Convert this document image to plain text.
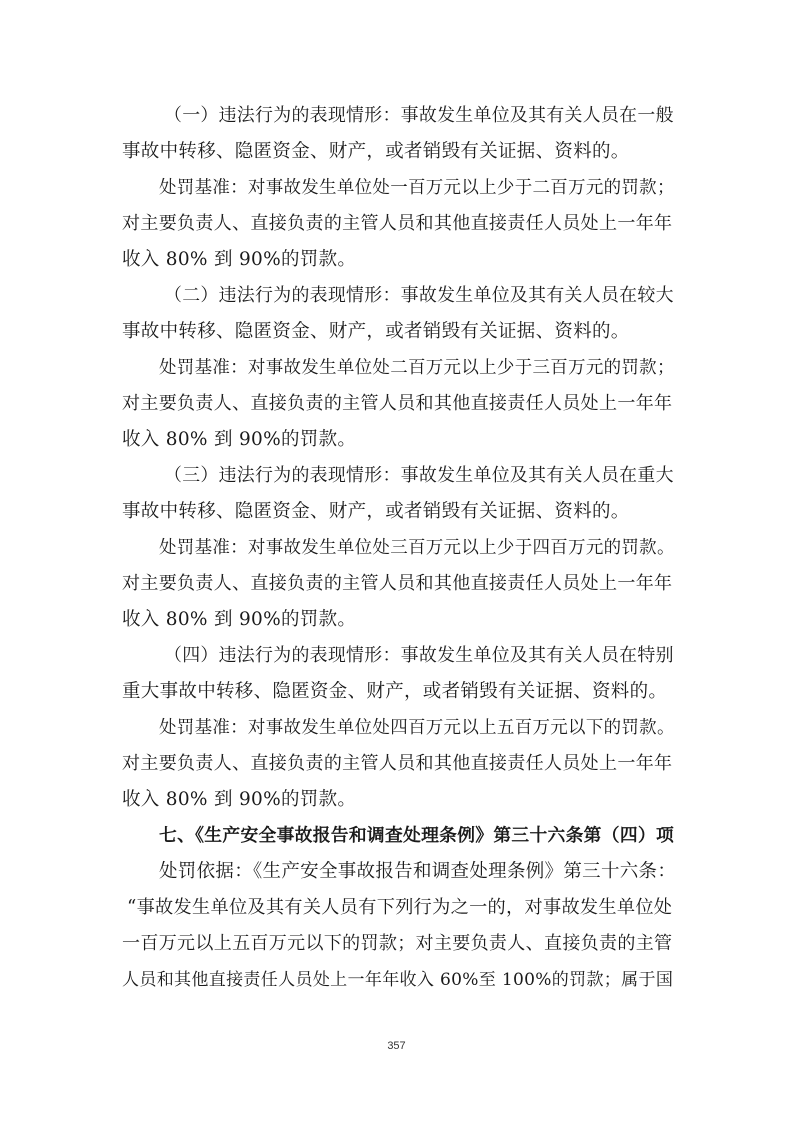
（一）违法行为的表现情形：事故发生单位及其有关人员在一般
事故中转移、隐匿资金、财产，或者销毁有关证据、资料的。
处罚基准：对事故发生单位处一百万元以上少于二百万元的罚款；
对主要负责人、直接负责的主管人员和其他直接责任人员处上一年年
收入 80% 到 90%的罚款。
（二）违法行为的表现情形：事故发生单位及其有关人员在较大
事故中转移、隐匿资金、财产，或者销毁有关证据、资料的。
处罚基准：对事故发生单位处二百万元以上少于三百万元的罚款；
对主要负责人、直接负责的主管人员和其他直接责任人员处上一年年
收入 80% 到 90%的罚款。
（三）违法行为的表现情形：事故发生单位及其有关人员在重大
事故中转移、隐匿资金、财产，或者销毁有关证据、资料的。
处罚基准：对事故发生单位处三百万元以上少于四百万元的罚款。
对主要负责人、直接负责的主管人员和其他直接责任人员处上一年年
收入 80% 到 90%的罚款。
（四）违法行为的表现情形：事故发生单位及其有关人员在特别
重大事故中转移、隐匿资金、财产，或者销毁有关证据、资料的。
处罚基准：对事故发生单位处四百万元以上五百万元以下的罚款。
对主要负责人、直接负责的主管人员和其他直接责任人员处上一年年
收入 80% 到 90%的罚款。
七、《生产安全事故报告和调查处理条例》第三十六条第（四）项
处罚依据：《生产安全事故报告和调查处理条例》第三十六条：
“事故发生单位及其有关人员有下列行为之一的，对事故发生单位处
一百万元以上五百万元以下的罚款；对主要负责人、直接负责的主管
人员和其他直接责任人员处上一年年收入 60%至 100%的罚款；属于国
357
